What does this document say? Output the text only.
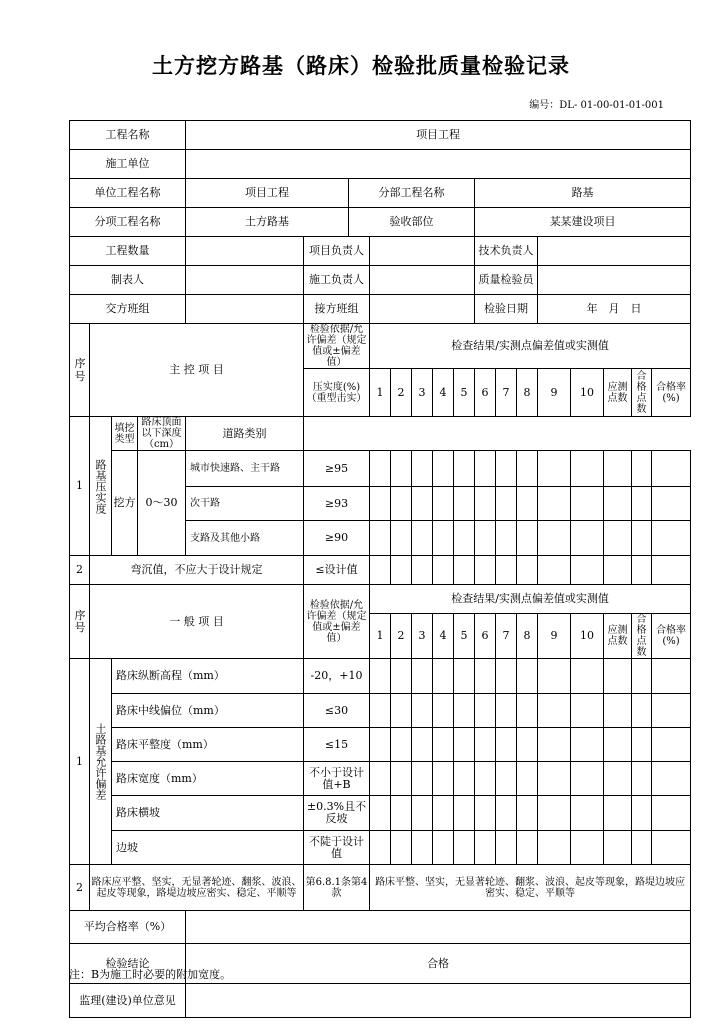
土方挖方路基（路床）检验批质量检验记录
编号：DL- 01-00-01-01-001
工程名称				项目工程															
施工单位																			
单位工程名称				项目工程		分部工程名称						路基							
分项工程名称				土方路基		验收部位						某某建设项目							
工程数量					项目负责人							技术负责人							
制表人					施工负责人							质量检验员							
交方班组					接方班组							检验日期			年　月　日				

序号	主 控 项 目				检验依据/允许偏差（规定值或±偏差值）		检查结果/实测点偏差值或实测值												
					压实度(%)（重型击实）		1	2	3	4	5	6	7	8	9	10	应测点数	合格点数	合格率(%)
1	路基压实度	填挖类型	路床顶面以下深度（cm）	道路类别														
		挖方	0～30	城市快速路、主干路	≥95														
				次干路	≥93														
				支路及其他小路	≥90														
2	弯沉值，不应大于设计规定				≤设计值														

序号	一 般 项 目				检验依据/允许偏差（规定值或±偏差值）		检查结果/实测点偏差值或实测值												
							1	2	3	4	5	6	7	8	9	10	应测点数	合格点数	合格率(%)
1	土路基允许偏差	路床纵断高程（mm）			-20，+10														
		路床中线偏位（mm）			≤30														
		路床平整度（mm）			≤15														
		路床宽度（mm）			不小于设计值+B														
		路床横坡			±0.3%且不反坡														
		边坡			不陡于设计值														
2	路床应平整、坚实，无显著轮迹、翻浆、波浪、起皮等现象，路堤边坡应密实、稳定、平顺等				第6.8.1条第4款		路床平整、坚实，无显著轮迹、翻浆、波浪、起皮等现象，路堤边坡应密实、稳定、平顺等												
平均合格率（%）																			
检验结论				合格															
监理(建设)单位意见																			
注：B为施工时必要的附加宽度。
